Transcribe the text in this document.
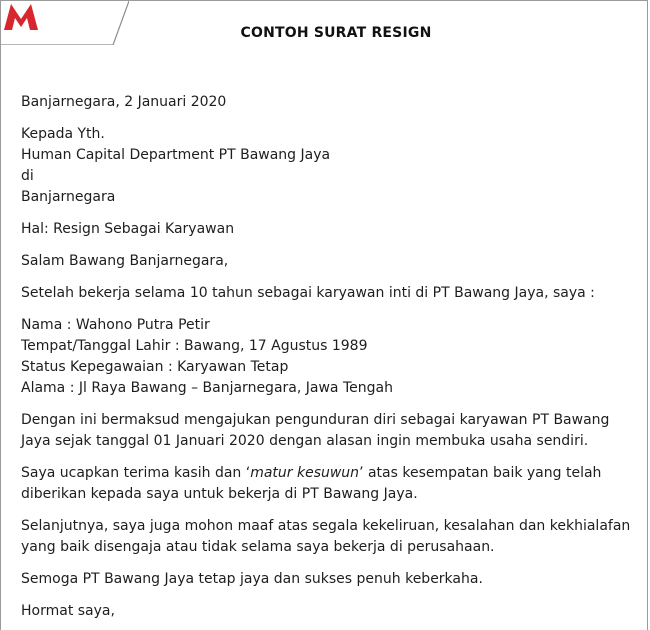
CONTOH SURAT RESIGN

Banjarnegara, 2 Januari 2020

Kepada Yth.
Human Capital Department PT Bawang Jaya
di
Banjarnegara

Hal: Resign Sebagai Karyawan

Salam Bawang Banjarnegara,

Setelah bekerja selama 10 tahun sebagai karyawan inti di PT Bawang Jaya, saya :

Nama : Wahono Putra Petir
Tempat/Tanggal Lahir : Bawang, 17 Agustus 1989
Status Kepegawaian : Karyawan Tetap
Alama : Jl Raya Bawang – Banjarnegara, Jawa Tengah

Dengan ini bermaksud mengajukan pengunduran diri sebagai karyawan PT Bawang Jaya sejak tanggal 01 Januari 2020 dengan alasan ingin membuka usaha sendiri.

Saya ucapkan terima kasih dan ‘matur kesuwun’ atas kesempatan baik yang telah diberikan kepada saya untuk bekerja di PT Bawang Jaya.

Selanjutnya, saya juga mohon maaf atas segala kekeliruan, kesalahan dan kekhialafan yang baik disengaja atau tidak selama saya bekerja di perusahaan.

Semoga PT Bawang Jaya tetap jaya dan sukses penuh keberkaha.

Hormat saya,
